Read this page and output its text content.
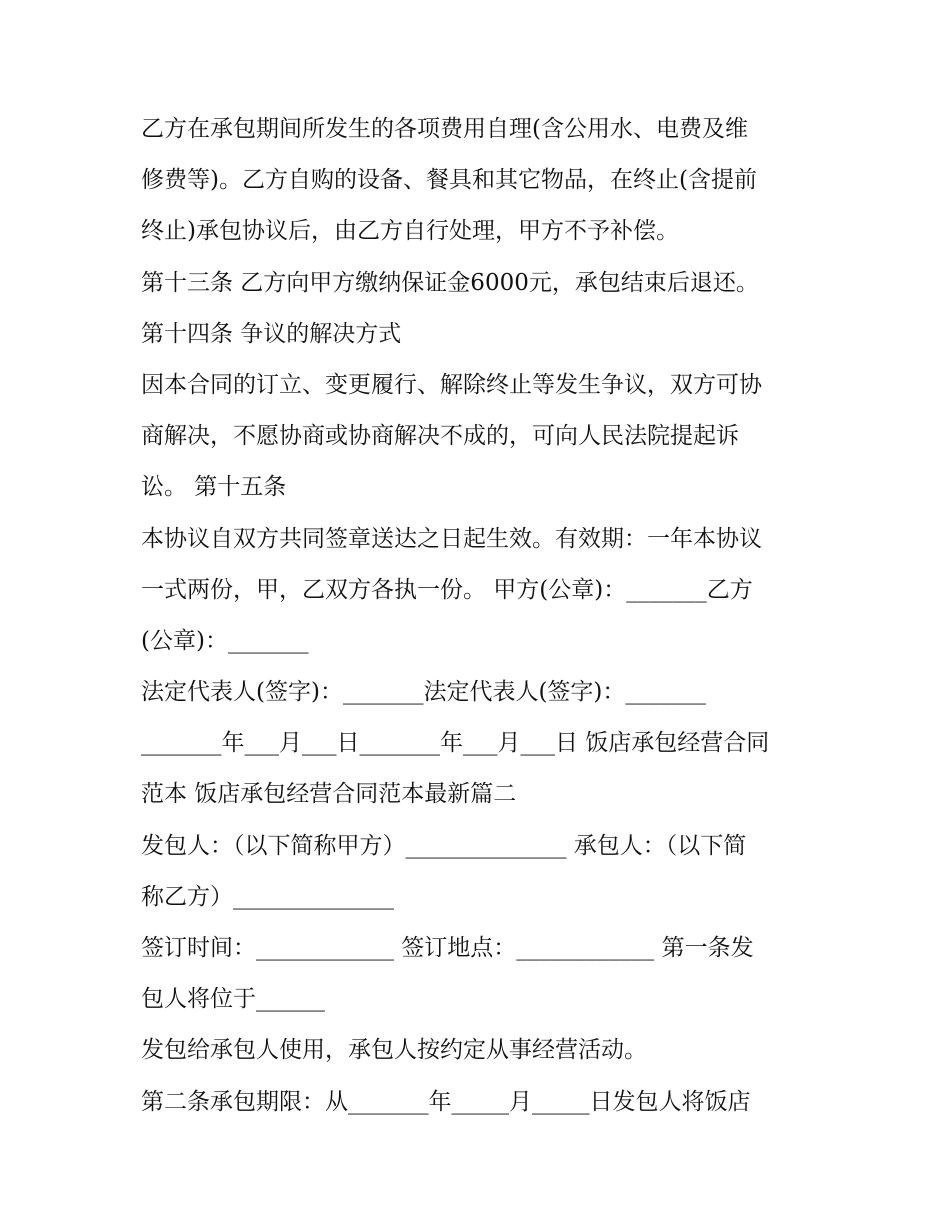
乙方在承包期间所发生的各项费用自理(含公用水、电费及维
修费等)。乙方自购的设备、餐具和其它物品，在终止(含提前
终止)承包协议后，由乙方自行处理，甲方不予补偿。
第十三条 乙方向甲方缴纳保证金6000元，承包结束后退还。
第十四条 争议的解决方式
因本合同的订立、变更履行、解除终止等发生争议，双方可协
商解决，不愿协商或协商解决不成的，可向人民法院提起诉
讼。 第十五条
本协议自双方共同签章送达之日起生效。有效期：一年本协议
一式两份，甲，乙双方各执一份。 甲方(公章)：_______乙方
(公章)：_______
法定代表人(签字)：_______法定代表人(签字)：_______
_______年___月___日_______年___月___日 饭店承包经营合同
范本 饭店承包经营合同范本最新篇二
发包人：（以下简称甲方）______________ 承包人：（以下简
称乙方）______________
签订时间：____________ 签订地点：____________ 第一条发
包人将位于______
发包给承包人使用，承包人按约定从事经营活动。
第二条承包期限：从_______年_____月_____日发包人将饭店
